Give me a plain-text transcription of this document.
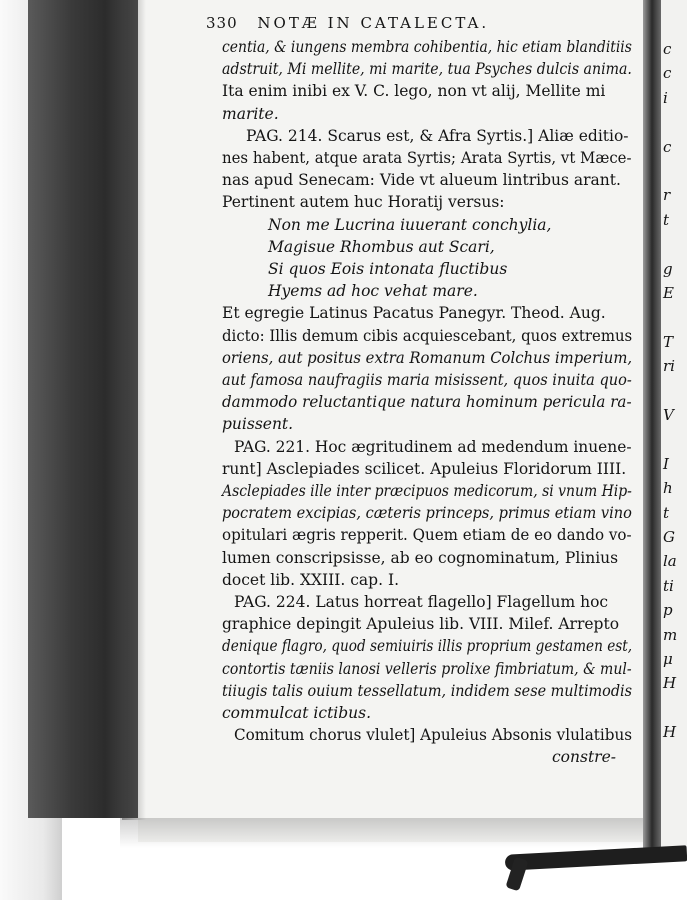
c
c
i
c
r
t
g
E
T
ri
V
I
h
t
G
la
ti
p
m
μ
H
H
330 NOTÆ IN CATALECTA.
centia, & iungens membra cohibentia, hic etiam blanditiis
adstruit, Mi mellite, mi marite, tua Psyches dulcis anima.
Ita enim inibi ex V. C. lego, non vt alij, Mellite mi
marite.
PAG. 214. Scarus est, & Afra Syrtis.] Aliæ editio-
nes habent, atque arata Syrtis; Arata Syrtis, vt Mæce-
nas apud Senecam: Vide vt alueum lintribus arant.
Pertinent autem huc Horatij versus:
Non me Lucrina iuuerant conchylia,
Magisue Rhombus aut Scari,
Si quos Eois intonata fluctibus
Hyems ad hoc vehat mare.
Et egregie Latinus Pacatus Panegyr. Theod. Aug.
dicto: Illis demum cibis acquiescebant, quos extremus
oriens, aut positus extra Romanum Colchus imperium,
aut famosa naufragiis maria misissent, quos inuita quo-
dammodo reluctantique natura hominum pericula ra-
puissent.
PAG. 221. Hoc ægritudinem ad medendum inuene-
runt] Asclepiades scilicet. Apuleius Floridorum IIII.
Asclepiades ille inter præcipuos medicorum, si vnum Hip-
pocratem excipias, cæteris princeps, primus etiam vino
opitulari ægris repperit. Quem etiam de eo dando vo-
lumen conscripsisse, ab eo cognominatum, Plinius
docet lib. XXIII. cap. I.
PAG. 224. Latus horreat flagello] Flagellum hoc
graphice depingit Apuleius lib. VIII. Milef. Arrepto
denique flagro, quod semiuiris illis proprium gestamen est,
contortis tæniis lanosi velleris prolixe fimbriatum, & mul-
tiiugis talis ouium tessellatum, indidem sese multimodis
commulcat ictibus.
Comitum chorus vlulet] Apuleius Absonis vlulatibus
constre-
